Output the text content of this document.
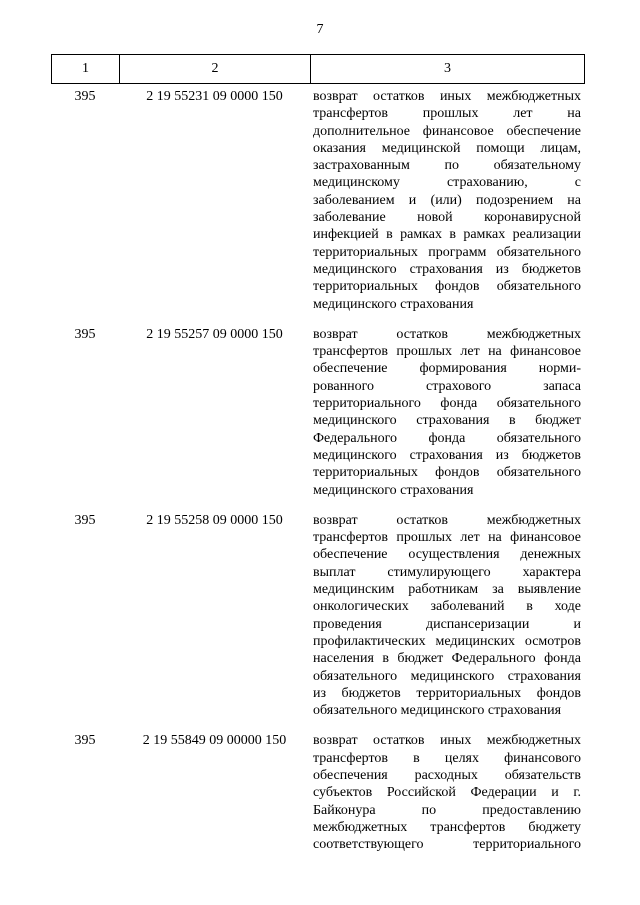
7
1	2	3
395	2 19 55231 09 0000 150	возврат остатков иных межбюджетных
трансфертов прошлых лет на
дополнительное финансовое обеспечение
оказания медицинской помощи лицам,
застрахованным по обязательному
медицинскому страхованию, с
заболеванием и (или) подозрением на
заболевание новой коронавирусной
инфекцией в рамках в рамках реализации
территориальных программ обязательного
медицинского страхования из бюджетов
территориальных фондов обязательного
медицинского страхования
395	2 19 55257 09 0000 150	возврат остатков межбюджетных
трансфертов прошлых лет на финансовое
обеспечение формирования норми-
рованного страхового запаса
территориального фонда обязательного
медицинского страхования в бюджет
Федерального фонда обязательного
медицинского страхования из бюджетов
территориальных фондов обязательного
медицинского страхования
395	2 19 55258 09 0000 150	возврат остатков межбюджетных
трансфертов прошлых лет на финансовое
обеспечение осуществления денежных
выплат стимулирующего характера
медицинским работникам за выявление
онкологических заболеваний в ходе
проведения диспансеризации и
профилактических медицинских осмотров
населения в бюджет Федерального фонда
обязательного медицинского страхования
из бюджетов территориальных фондов
обязательного медицинского страхования
395	2 19 55849 09 00000 150	возврат остатков иных межбюджетных
трансфертов в целях финансового
обеспечения расходных обязательств
субъектов Российской Федерации и г.
Байконура по предоставлению
межбюджетных трансфертов бюджету
соответствующего территориального
